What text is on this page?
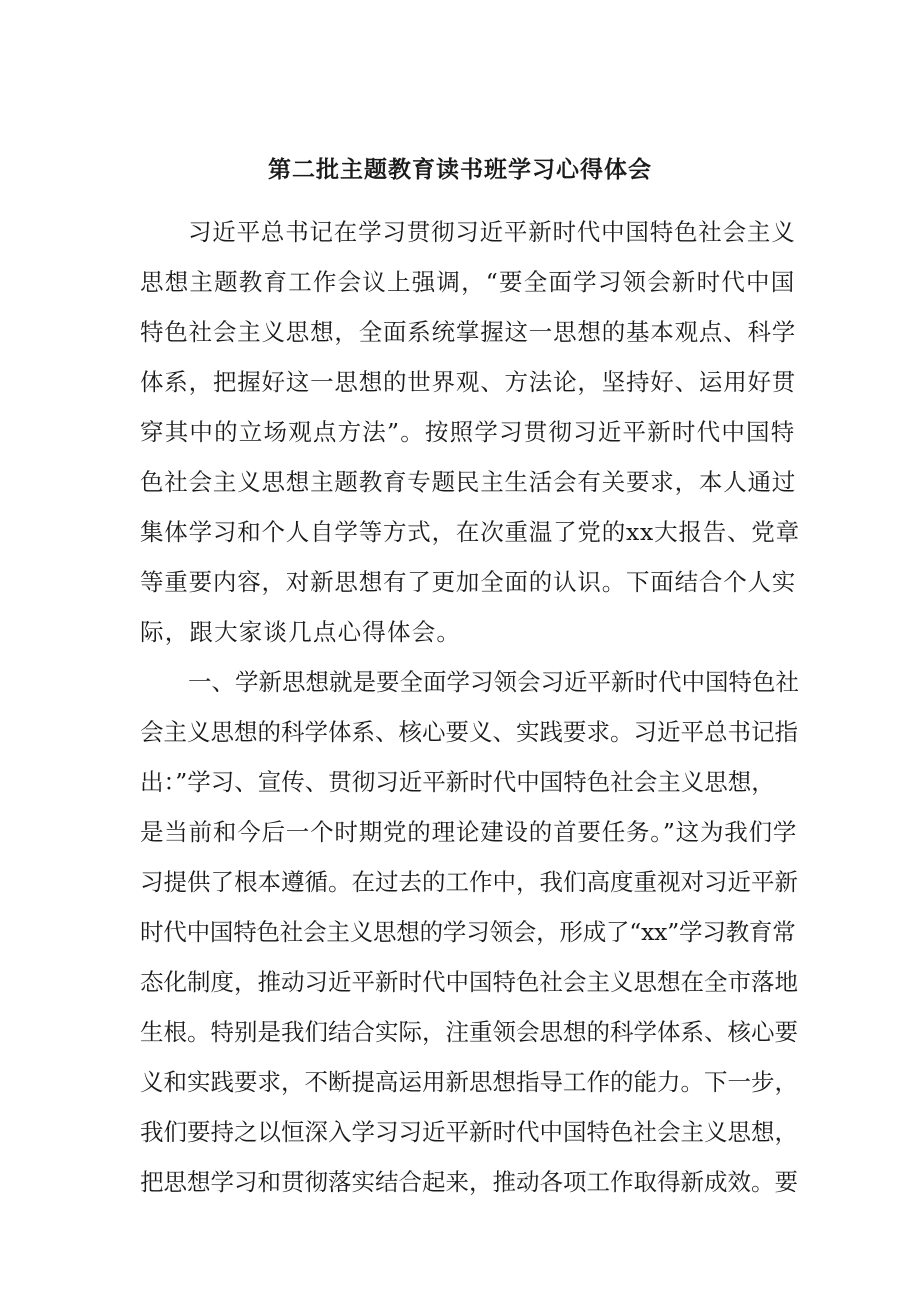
第二批主题教育读书班学习心得体会
习近平总书记在学习贯彻习近平新时代中国特色社会主义
思想主题教育工作会议上强调，“要全面学习领会新时代中国
特色社会主义思想，全面系统掌握这一思想的基本观点、科学
体系，把握好这一思想的世界观、方法论，坚持好、运用好贯
穿其中的立场观点方法”。按照学习贯彻习近平新时代中国特
色社会主义思想主题教育专题民主生活会有关要求，本人通过
集体学习和个人自学等方式，在次重温了党的xx大报告、党章
等重要内容，对新思想有了更加全面的认识。下面结合个人实
际，跟大家谈几点心得体会。
一、学新思想就是要全面学习领会习近平新时代中国特色社
会主义思想的科学体系、核心要义、实践要求。习近平总书记指
出：”学习、宣传、贯彻习近平新时代中国特色社会主义思想，
是当前和今后一个时期党的理论建设的首要任务。”这为我们学
习提供了根本遵循。在过去的工作中，我们高度重视对习近平新
时代中国特色社会主义思想的学习领会，形成了“xx”学习教育常
态化制度，推动习近平新时代中国特色社会主义思想在全市落地
生根。特别是我们结合实际，注重领会思想的科学体系、核心要
义和实践要求，不断提高运用新思想指导工作的能力。下一步，
我们要持之以恒深入学习习近平新时代中国特色社会主义思想，
把思想学习和贯彻落实结合起来，推动各项工作取得新成效。要
